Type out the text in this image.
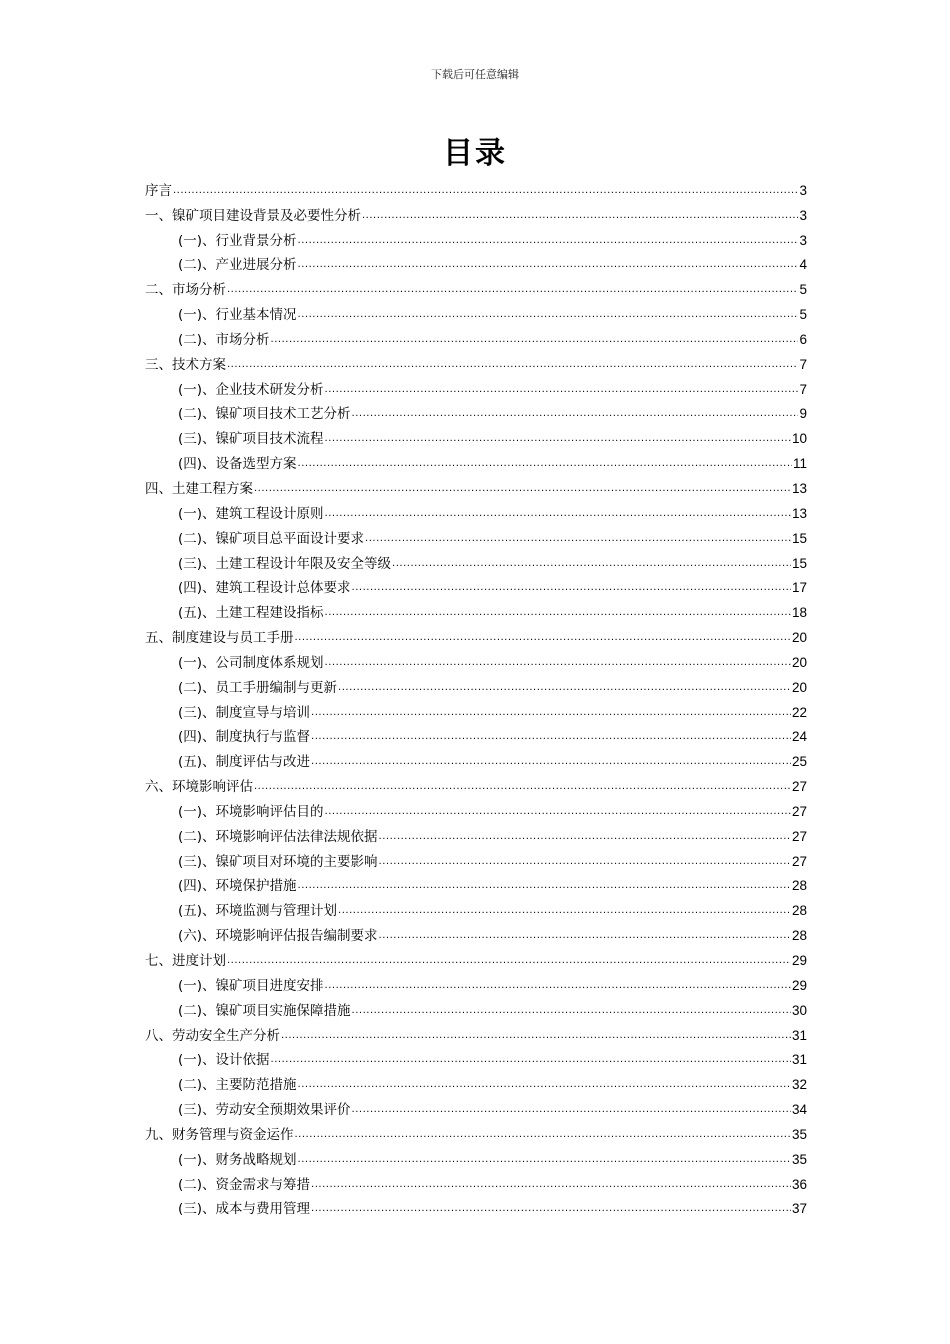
下载后可任意编辑
目录
序言 .....	3
一、镍矿项目建设背景及必要性分析 .....	3
(一)、行业背景分析 .....	3
(二)、产业进展分析 .....	4
二、市场分析 .....	5
(一)、行业基本情况 .....	5
(二)、市场分析 .....	6
三、技术方案 .....	7
(一)、企业技术研发分析 .....	7
(二)、镍矿项目技术工艺分析 .....	9
(三)、镍矿项目技术流程 .....	10
(四)、设备选型方案 .....	11
四、土建工程方案 .....	13
(一)、建筑工程设计原则 .....	13
(二)、镍矿项目总平面设计要求 .....	15
(三)、土建工程设计年限及安全等级 .....	15
(四)、建筑工程设计总体要求 .....	17
(五)、土建工程建设指标 .....	18
五、制度建设与员工手册 .....	20
(一)、公司制度体系规划 .....	20
(二)、员工手册编制与更新 .....	20
(三)、制度宣导与培训 .....	22
(四)、制度执行与监督 .....	24
(五)、制度评估与改进 .....	25
六、环境影响评估 .....	27
(一)、环境影响评估目的 .....	27
(二)、环境影响评估法律法规依据 .....	27
(三)、镍矿项目对环境的主要影响 .....	27
(四)、环境保护措施 .....	28
(五)、环境监测与管理计划 .....	28
(六)、环境影响评估报告编制要求 .....	28
七、进度计划 .....	29
(一)、镍矿项目进度安排 .....	29
(二)、镍矿项目实施保障措施 .....	30
八、劳动安全生产分析 .....	31
(一)、设计依据 .....	31
(二)、主要防范措施 .....	32
(三)、劳动安全预期效果评价 .....	34
九、财务管理与资金运作 .....	35
(一)、财务战略规划 .....	35
(二)、资金需求与筹措 .....	36
(三)、成本与费用管理 .....	37
